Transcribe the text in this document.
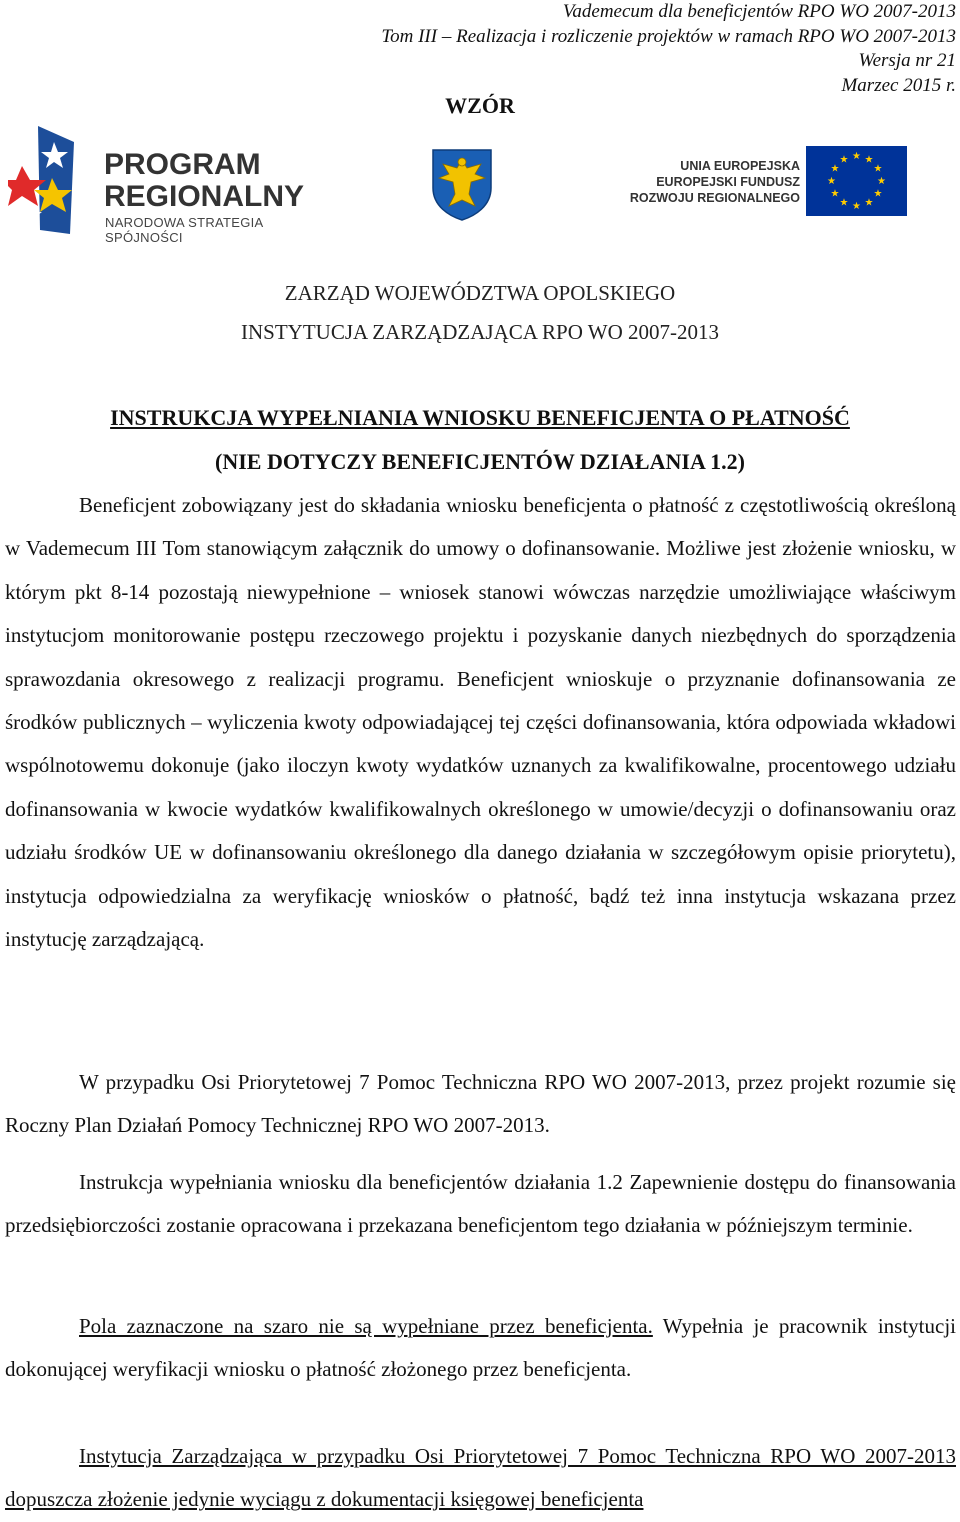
Vademecum dla beneficjentów RPO WO 2007-2013
Tom III – Realizacja i rozliczenie projektów w ramach RPO WO 2007-2013
Wersja nr 21
Marzec 2015 r.
WZÓR
PROGRAM
REGIONALNY
NARODOWA STRATEGIA SPÓJNOŚCI
UNIA EUROPEJSKA
EUROPEJSKI FUNDUSZ
ROZWOJU REGIONALNEGO
★ ★
★
★
★
★
★
★
★
★
★
★
ZARZĄD WOJEWÓDZTWA OPOLSKIEGO
INSTYTUCJA ZARZĄDZAJĄCA RPO WO 2007-2013
INSTRUKCJA WYPEŁNIANIA WNIOSKU BENEFICJENTA O PŁATNOŚĆ
(NIE DOTYCZY BENEFICJENTÓW DZIAŁANIA 1.2)

Beneficjent zobowiązany jest do składania wniosku beneficjenta o płatność z częstotliwością określoną w Vademecum III Tom stanowiącym załącznik do umowy o dofinansowanie. Możliwe jest złożenie wniosku, w którym pkt 8-14 pozostają niewypełnione – wniosek stanowi wówczas narzędzie umożliwiające właściwym instytucjom monitorowanie postępu rzeczowego projektu i pozyskanie danych niezbędnych do sporządzenia sprawozdania okresowego z realizacji programu. Beneficjent wnioskuje o przyznanie dofinansowania ze środków publicznych – wyliczenia kwoty odpowiadającej tej części dofinansowania, która odpowiada wkładowi wspólnotowemu dokonuje (jako iloczyn kwoty wydatków uznanych za kwalifikowalne, procentowego udziału dofinansowania w kwocie wydatków kwalifikowalnych określonego w umowie/decyzji o dofinansowaniu oraz udziału środków UE w dofinansowaniu określonego dla danego działania w szczegółowym opisie priorytetu), instytucja odpowiedzialna za weryfikację wniosków o płatność, bądź też inna instytucja wskazana przez instytucję zarządzającą.

W przypadku Osi Priorytetowej 7 Pomoc Techniczna RPO WO 2007-2013, przez projekt rozumie się Roczny Plan Działań Pomocy Technicznej RPO WO 2007-2013.

Instrukcja wypełniania wniosku dla beneficjentów działania 1.2 Zapewnienie dostępu do finansowania przedsiębiorczości zostanie opracowana i przekazana beneficjentom tego działania w późniejszym terminie.

Pola zaznaczone na szaro nie są wypełniane przez beneficjenta. Wypełnia je pracownik instytucji dokonującej weryfikacji wniosku o płatność złożonego przez beneficjenta.

Instytucja Zarządzająca w przypadku Osi Priorytetowej 7 Pomoc Techniczna RPO WO 2007-2013 dopuszcza złożenie jedynie wyciągu z dokumentacji księgowej beneficjenta
